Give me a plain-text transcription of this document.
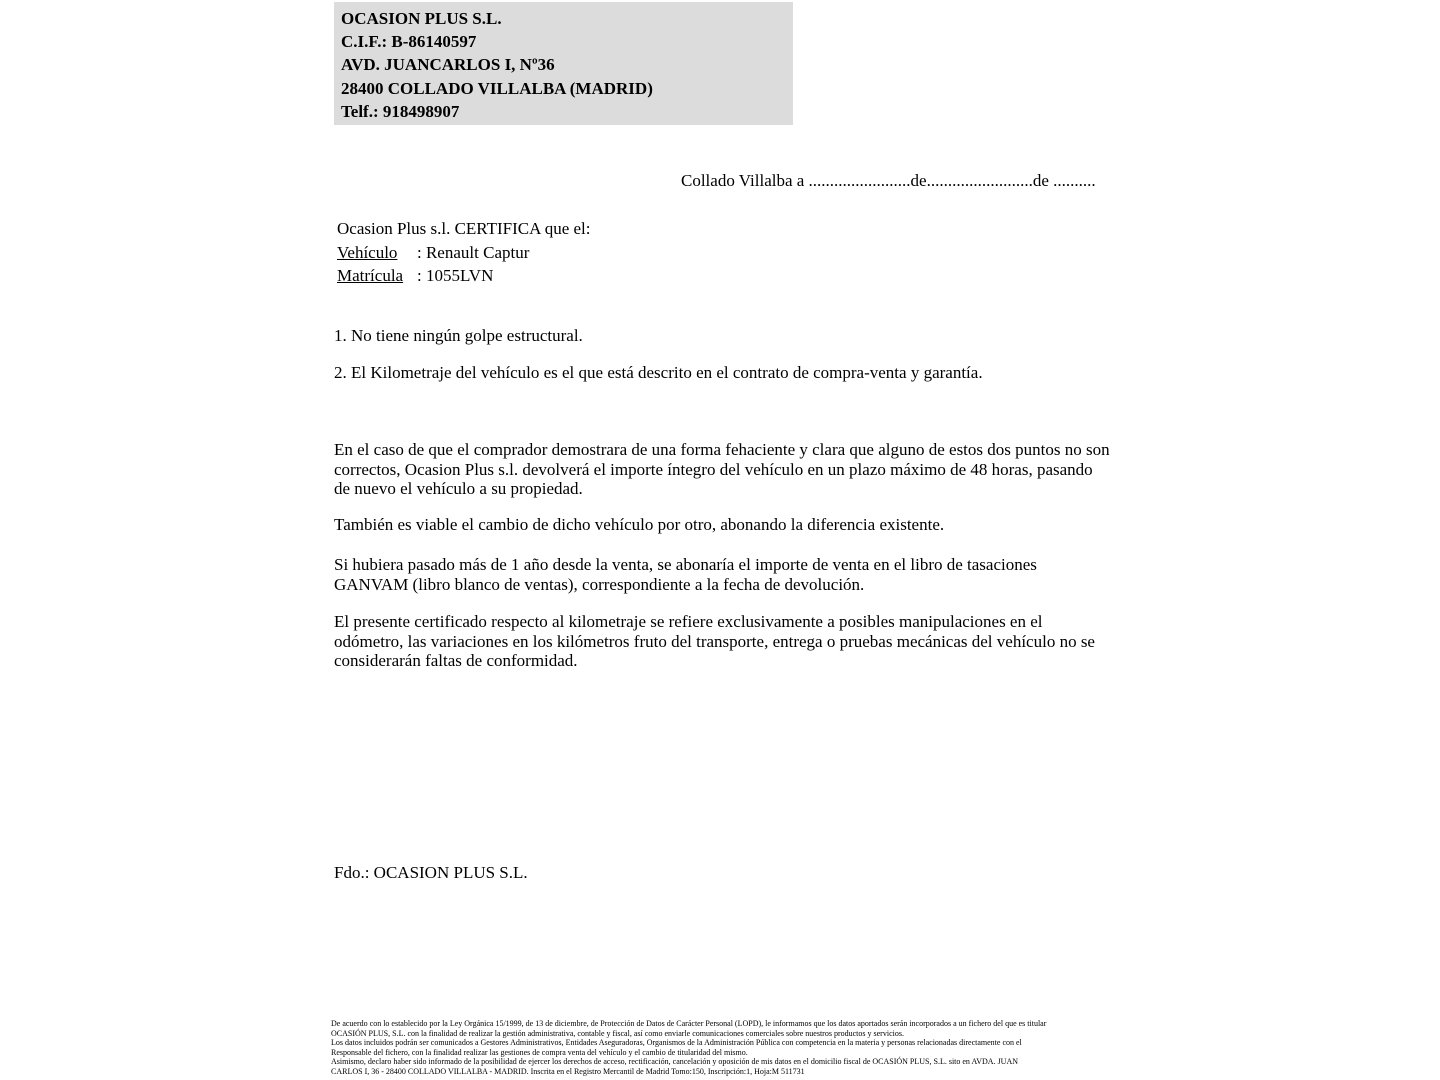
OCASION PLUS S.L.
C.I.F.: B-86140597
AVD. JUANCARLOS I, Nº36
28400 COLLADO VILLALBA (MADRID)
Telf.: 918498907
Collado Villalba a ........................de.........................de ..........
Ocasion Plus s.l. CERTIFICA que el:
Vehículo : Renault Captur
Matrícula : 1055LVN
1. No tiene ningún golpe estructural.
2. El Kilometraje del vehículo es el que está descrito en el contrato de compra-venta y garantía.
En el caso de que el comprador demostrara de una forma fehaciente y clara que alguno de estos dos puntos no son correctos, Ocasion Plus s.l. devolverá el importe íntegro del vehículo en un plazo máximo de 48 horas, pasando de nuevo el vehículo a su propiedad.
También es viable el cambio de dicho vehículo por otro, abonando la diferencia existente.
Si hubiera pasado más de 1 año desde la venta, se abonaría el importe de venta en el libro de tasaciones GANVAM (libro blanco de ventas), correspondiente a la fecha de devolución.
El presente certificado respecto al kilometraje se refiere exclusivamente a posibles manipulaciones en el odómetro, las variaciones en los kilómetros fruto del transporte, entrega o pruebas mecánicas del vehículo no se considerarán faltas de conformidad.
Fdo.: OCASION PLUS S.L.
De acuerdo con lo establecido por la Ley Orgánica 15/1999, de 13 de diciembre, de Protección de Datos de Carácter Personal (LOPD), le informamos que los datos aportados serán incorporados a un fichero del que es titular
OCASIÓN PLUS, S.L. con la finalidad de realizar la gestión administrativa, contable y fiscal, así como enviarle comunicaciones comerciales sobre nuestros productos y servicios.
Los datos incluidos podrán ser comunicados a Gestores Administrativos, Entidades Aseguradoras, Organismos de la Administración Pública con competencia en la materia y personas relacionadas directamente con el
Responsable del fichero, con la finalidad realizar las gestiones de compra venta del vehículo y el cambio de titularidad del mismo.
Asimismo, declaro haber sido informado de la posibilidad de ejercer los derechos de acceso, rectificación, cancelación y oposición de mis datos en el domicilio fiscal de OCASIÓN PLUS, S.L. sito en AVDA. JUAN
CARLOS I, 36 - 28400 COLLADO VILLALBA - MADRID. Inscrita en el Registro Mercantil de Madrid Tomo:150, Inscripción:1, Hoja:M 511731
